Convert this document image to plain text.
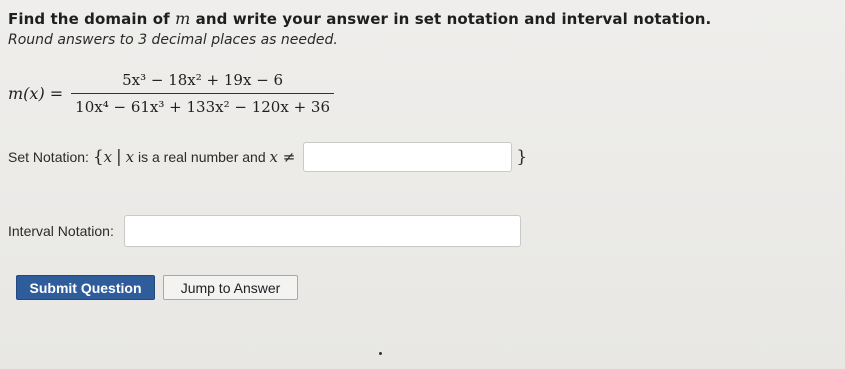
Find the domain of m and write your answer in set notation and interval notation.
Round answers to 3 decimal places as needed.
$m(x) = \frac{\text{5x³ − 18x² + 19x − 6}}{\text{10x⁴ − 61x³ + 133x² − 120x + 36}}$
Set Notation:
{ x
|
x
is a real number and
x ≠	}
Interval Notation:
Submit Question	Jump to Answer
